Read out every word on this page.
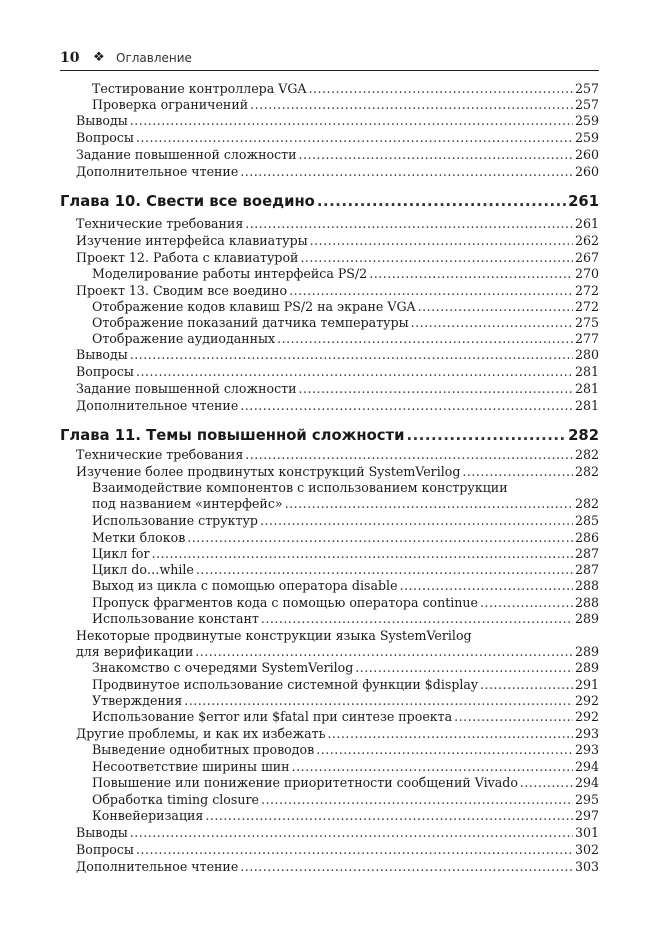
10 ❖ Оглавление
Тестирование контроллера VGA .....	257
Проверка ограничений .....	257
Выводы .....	259
Вопросы .....	259
Задание повышенной сложности .....	260
Дополнительное чтение .....	260
Глава 10. Свести все воедино .....	261
Технические требования .....	261
Изучение интерфейса клавиатуры .....	262
Проект 12. Работа с клавиатурой .....	267
Моделирование работы интерфейса PS/2 .....	270
Проект 13. Сводим все воедино .....	272
Отображение кодов клавиш PS/2 на экране VGA .....	272
Отображение показаний датчика температуры .....	275
Отображение аудиоданных .....	277
Выводы .....	280
Вопросы .....	281
Задание повышенной сложности .....	281
Дополнительное чтение .....	281
Глава 11. Темы повышенной сложности .....	282
Технические требования .....	282
Изучение более продвинутых конструкций SystemVerilog .....	282
Взаимодействие компонентов с использованием конструкции
под названием «интерфейс» .....	282
Использование структур .....	285
Метки блоков .....	286
Цикл for .....	287
Цикл do…while .....	287
Выход из цикла с помощью оператора disable .....	288
Пропуск фрагментов кода с помощью оператора continue .....	288
Использование констант .....	289
Некоторые продвинутые конструкции языка SystemVerilog
для верификации .....	289
Знакомство с очередями SystemVerilog .....	289
Продвинутое использование системной функции $display .....	291
Утверждения .....	292
Использование $error или $fatal при синтезе проекта .....	292
Другие проблемы, и как их избежать .....	293
Выведение однобитных проводов .....	293
Несоответствие ширины шин .....	294
Повышение или понижение приоритетности сообщений Vivado .....	294
Обработка timing closure .....	295
Конвейеризация .....	297
Выводы .....	301
Вопросы .....	302
Дополнительное чтение .....	303
